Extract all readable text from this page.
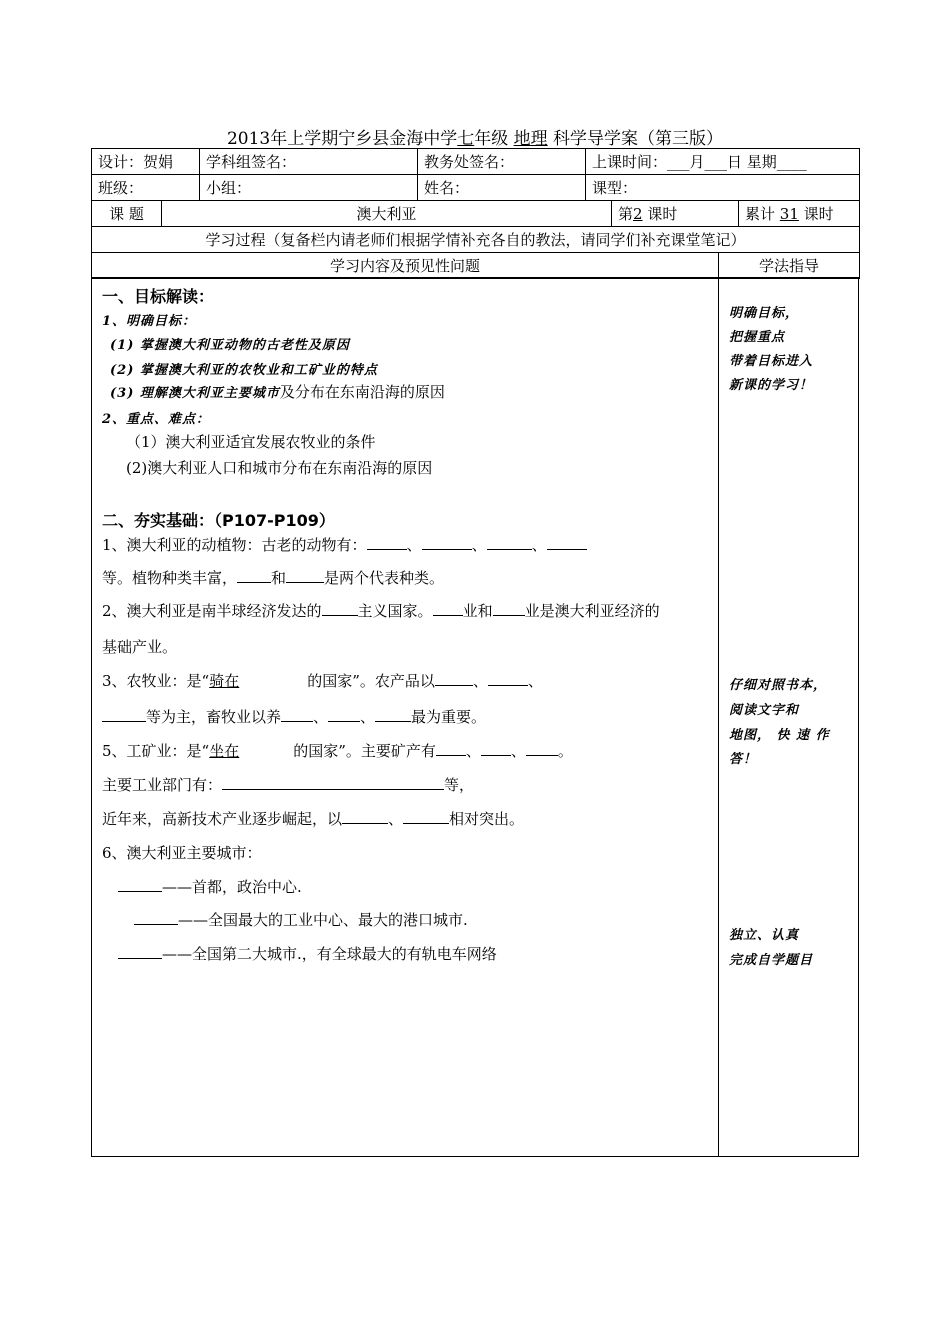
2013年上学期宁乡县金海中学七年级 地理 科学导学案（第三版）
设计：贺娟	学科组签名：	教务处签名：	上课时间：___月___日 星期____
班级：	小组：	姓名：	课型：
课 题	澳大利亚	第2 课时	累计 31 课时
学习过程（复备栏内请老师们根据学情补充各自的教法，请同学们补充课堂笔记）
学习内容及预见性问题	学法指导
一、目标解读：
1、明确目标：
(1) 掌握澳大利亚动物的古老性及原因
(2) 掌握澳大利亚的农牧业和工矿业的特点
(3) 理解澳大利亚主要城市及分布在东南沿海的原因
2、重点、难点：
（1）澳大利亚适宜发展农牧业的条件
(2)澳大利亚人口和城市分布在东南沿海的原因
二、夯实基础：（P107-P109）
1、澳大利亚的动植物：古老的动物有：	、	、	、
等。植物种类丰富， 和	是两个代表种类。
2、澳大利亚是南半球经济发达的 主义国家。 业和 业是澳大利亚经济的
基础产业。
3、农牧业：是“骑在	的国家”。农产品以	、	、
等为主，畜牧业以养 、 、 最为重要。
5、工矿业：是“坐在	的国家”。主要矿产有 、 、 。
主要工业部门有：	等，
近年来，高新技术产业逐步崛起，以	、	相对突出。
6、澳大利亚主要城市：
——首都，政治中心.
——全国最大的工业中心、最大的港口城市.
——全国第二大城市.，有全球最大的有轨电车网络
明确目标，
把握重点
带着目标进入
新课的学习！
仔细对照书本，
阅读文字和
地图， 快 速 作
答！
独立、认真
完成自学题目
